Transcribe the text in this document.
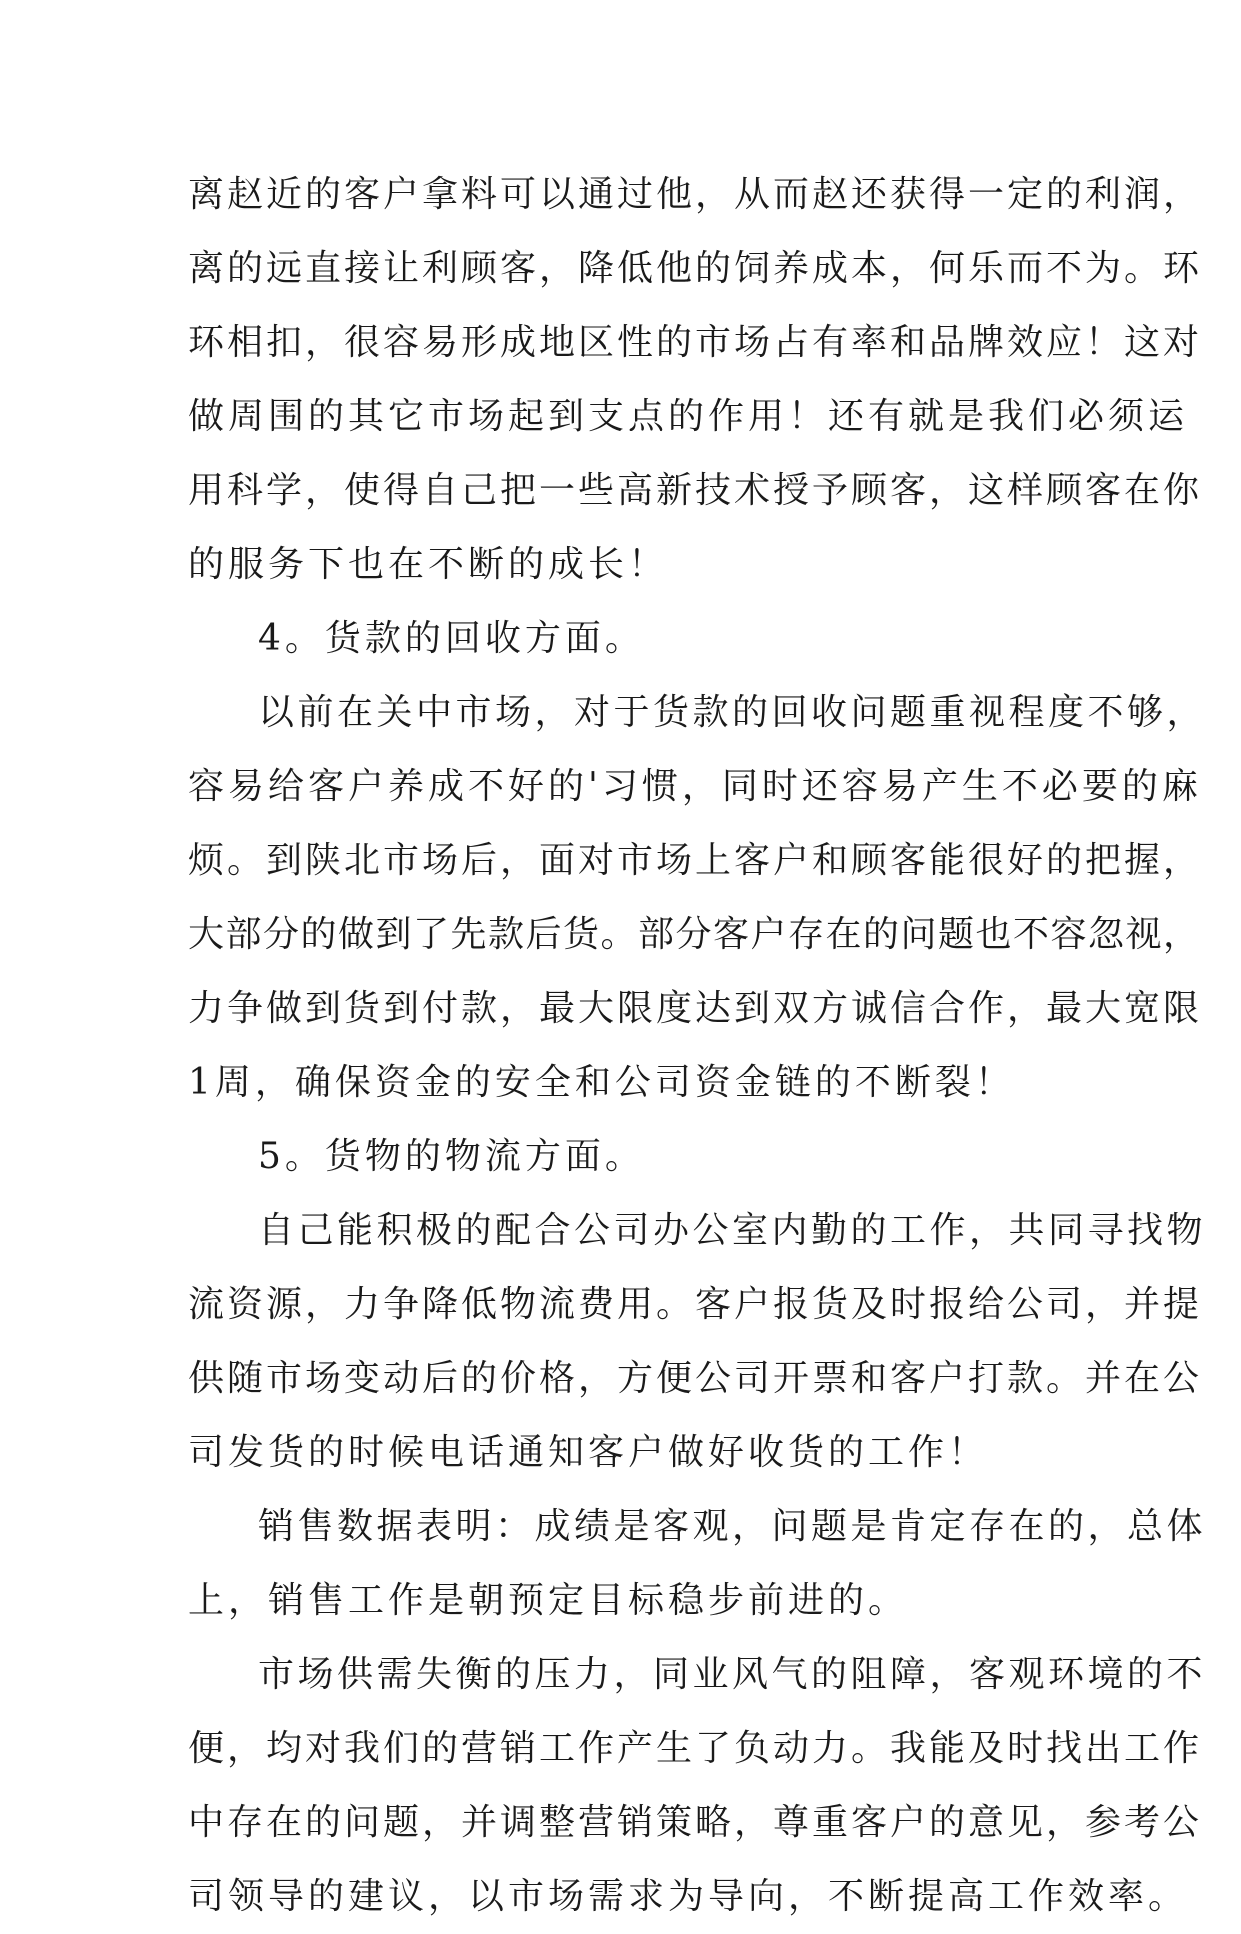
离赵近的客户拿料可以通过他，从而赵还获得一定的利润，

离的远直接让利顾客，降低他的饲养成本，何乐而不为。环

环相扣，很容易形成地区性的市场占有率和品牌效应！这对

做周围的其它市场起到支点的作用！还有就是我们必须运

用科学，使得自己把一些高新技术授予顾客，这样顾客在你

的服务下也在不断的成长！

4。货款的回收方面。

以前在关中市场，对于货款的回收问题重视程度不够，

容易给客户养成不好的'习惯，同时还容易产生不必要的麻

烦。到陕北市场后，面对市场上客户和顾客能很好的把握，

大部分的做到了先款后货。部分客户存在的问题也不容忽视，

力争做到货到付款，最大限度达到双方诚信合作，最大宽限

1周，确保资金的安全和公司资金链的不断裂！

5。货物的物流方面。

自己能积极的配合公司办公室内勤的工作，共同寻找物

流资源，力争降低物流费用。客户报货及时报给公司，并提

供随市场变动后的价格，方便公司开票和客户打款。并在公

司发货的时候电话通知客户做好收货的工作！

销售数据表明：成绩是客观，问题是肯定存在的，总体

上，销售工作是朝预定目标稳步前进的。

市场供需失衡的压力，同业风气的阻障，客观环境的不

便，均对我们的营销工作产生了负动力。我能及时找出工作

中存在的问题，并调整营销策略，尊重客户的意见，参考公

司领导的建议，以市场需求为导向，不断提高工作效率。
